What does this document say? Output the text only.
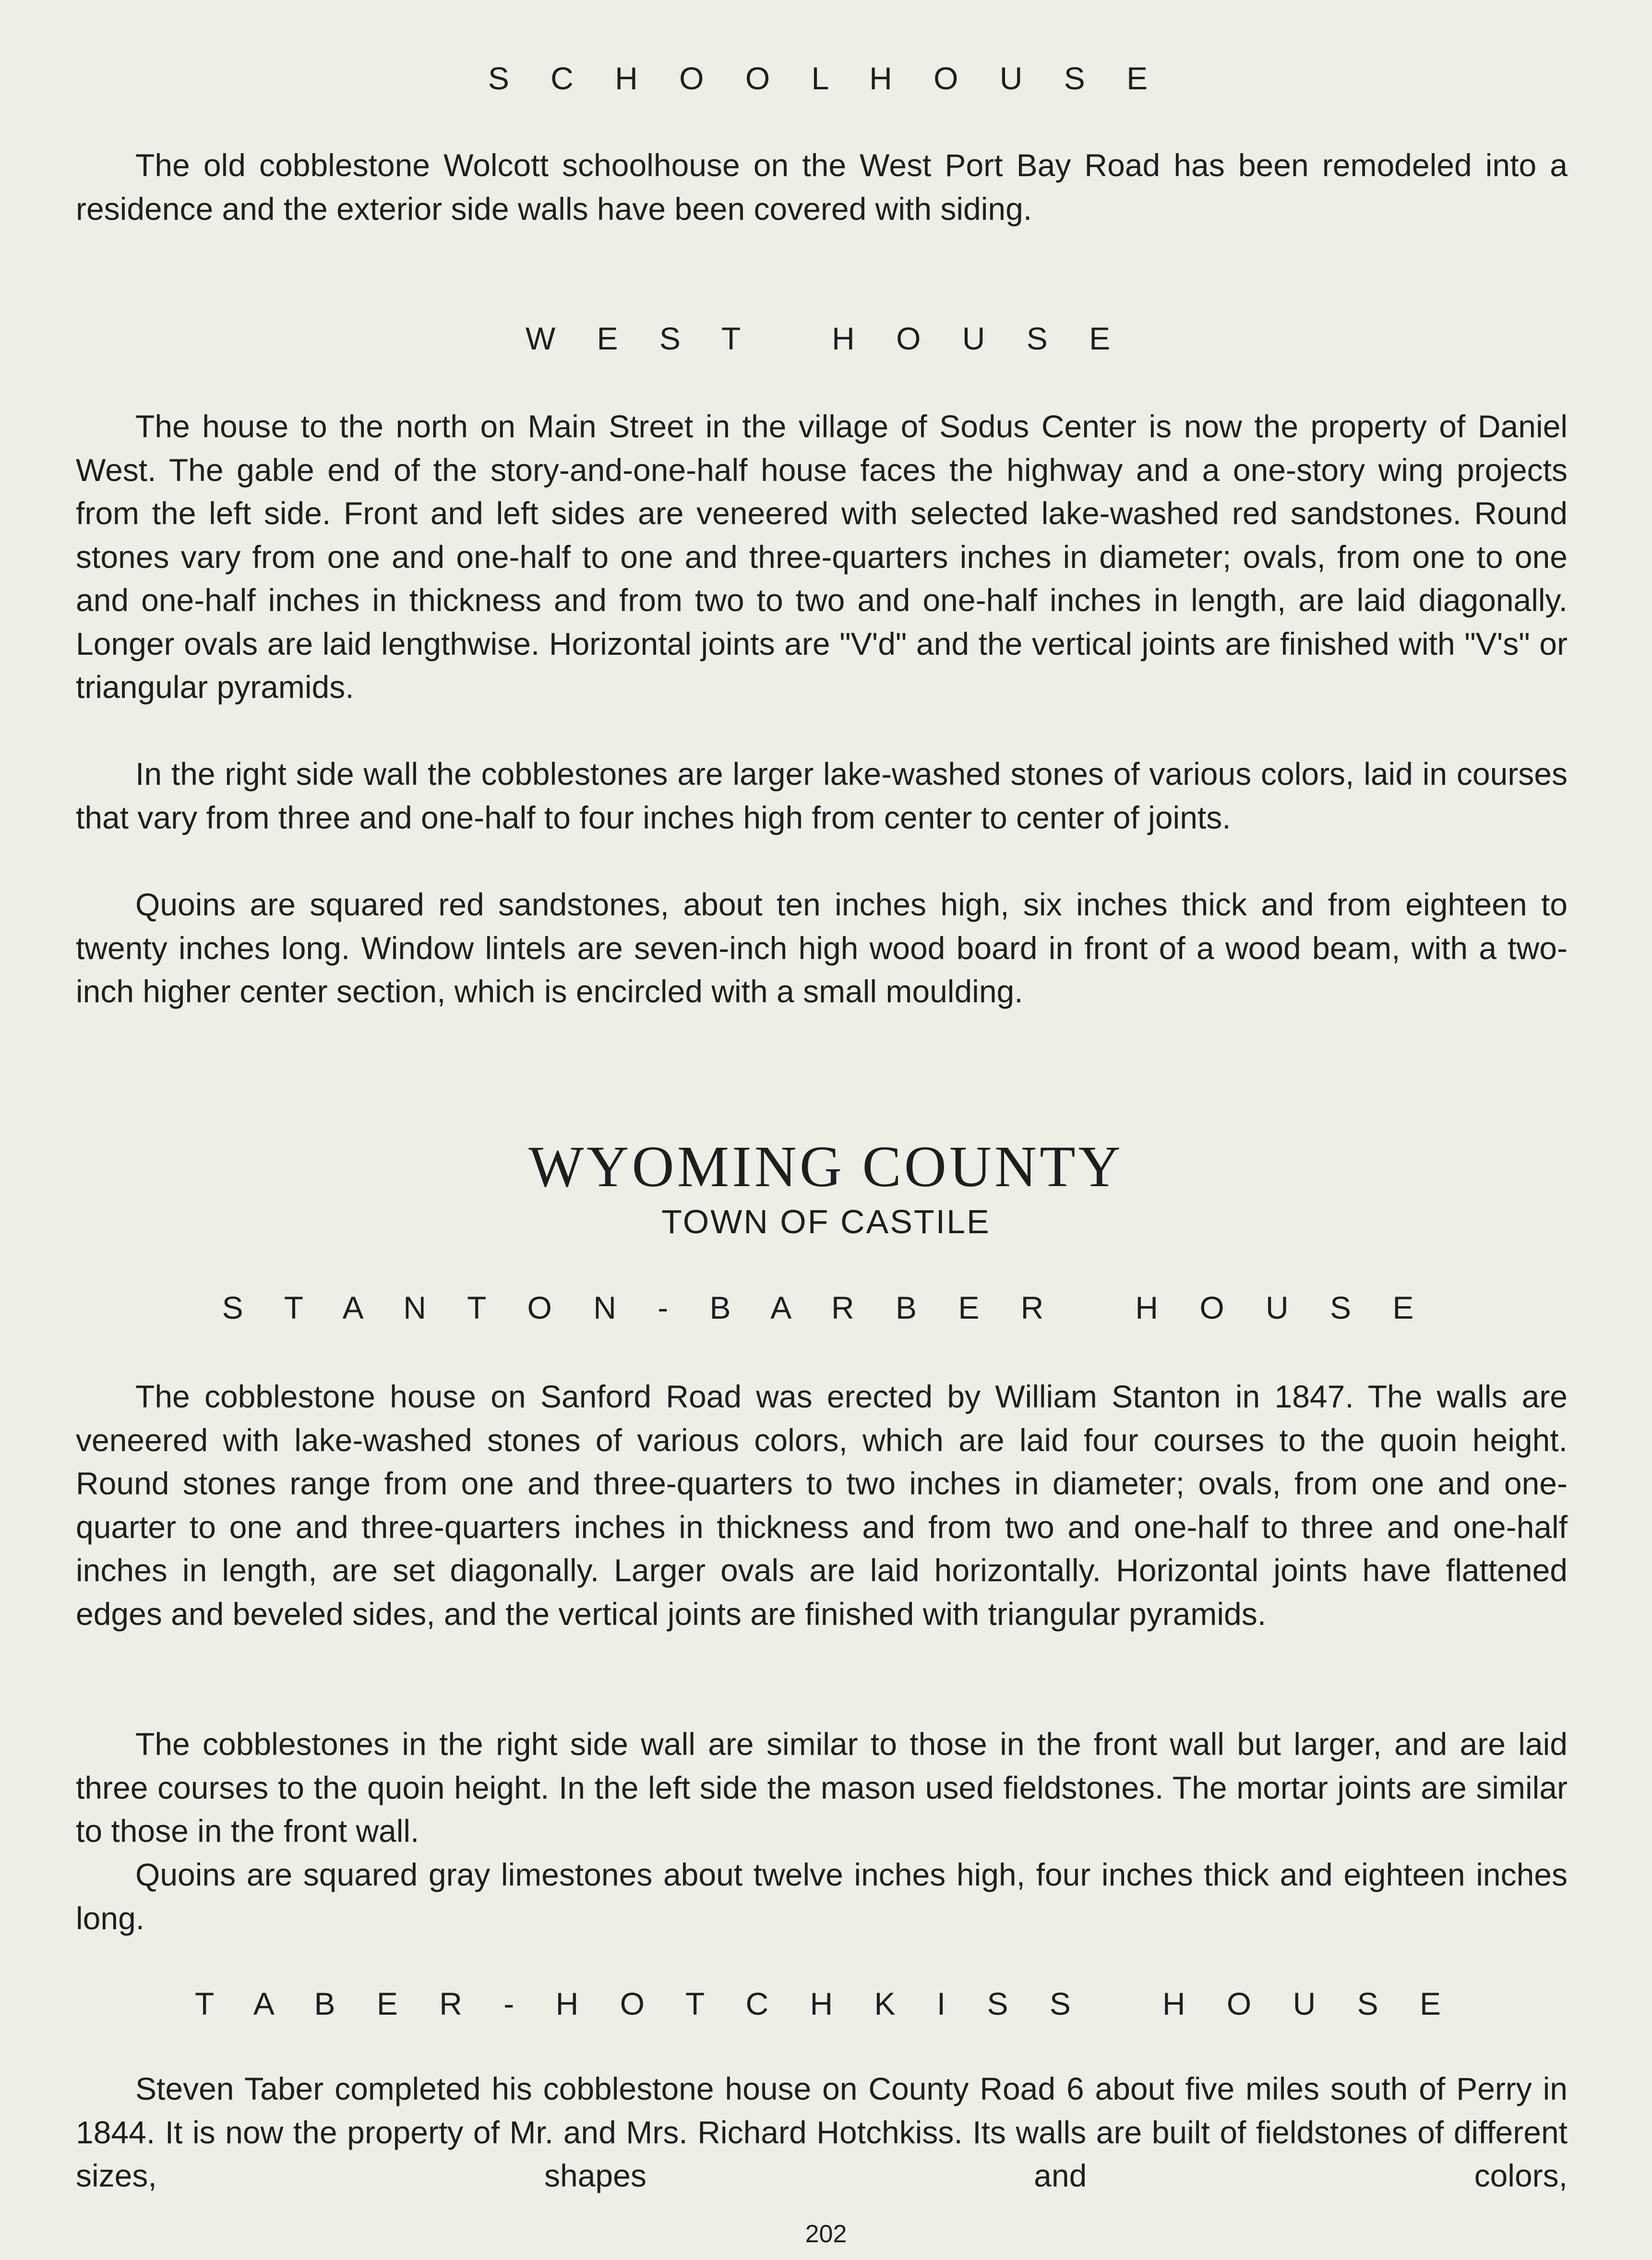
S C H O O L H O U S E

The old cobblestone Wolcott schoolhouse on the West Port Bay Road has been remodeled into a residence and the exterior side walls have been covered with siding.

W E S T   H O U S E

The house to the north on Main Street in the village of Sodus Center is now the property of Daniel West. The gable end of the story-and-one-half house faces the highway and a one-story wing projects from the left side. Front and left sides are veneered with selected lake-washed red sandstones. Round stones vary from one and one-half to one and three-quarters inches in diameter; ovals, from one to one and one-half inches in thickness and from two to two and one-half inches in length, are laid diagonally. Longer ovals are laid lengthwise. Horizontal joints are "V'd" and the vertical joints are finished with "V's" or triangular pyramids.

In the right side wall the cobblestones are larger lake-washed stones of various colors, laid in courses that vary from three and one-half to four inches high from center to center of joints.

Quoins are squared red sandstones, about ten inches high, six inches thick and from eighteen to twenty inches long. Window lintels are seven-inch high wood board in front of a wood beam, with a two-inch higher center section, which is encircled with a small moulding.

WYOMING COUNTY
TOWN OF CASTILE
S T A N T O N - B A R B E R   H O U S E

The cobblestone house on Sanford Road was erected by William Stanton in 1847. The walls are veneered with lake-washed stones of various colors, which are laid four courses to the quoin height. Round stones range from one and three-quarters to two inches in diameter; ovals, from one and one-quarter to one and three-quarters inches in thickness and from two and one-half to three and one-half inches in length, are set diagonally. Larger ovals are laid horizontally. Horizontal joints have flattened edges and beveled sides, and the vertical joints are finished with triangular pyramids.

The cobblestones in the right side wall are similar to those in the front wall but larger, and are laid three courses to the quoin height. In the left side the mason used fieldstones. The mortar joints are similar to those in the front wall.

Quoins are squared gray limestones about twelve inches high, four inches thick and eighteen inches long.

T A B E R - H O T C H K I S S   H O U S E

Steven Taber completed his cobblestone house on County Road 6 about five miles south of Perry in 1844. It is now the property of Mr. and Mrs. Richard Hotchkiss. Its walls are built of fieldstones of different sizes, shapes and colors,

202
